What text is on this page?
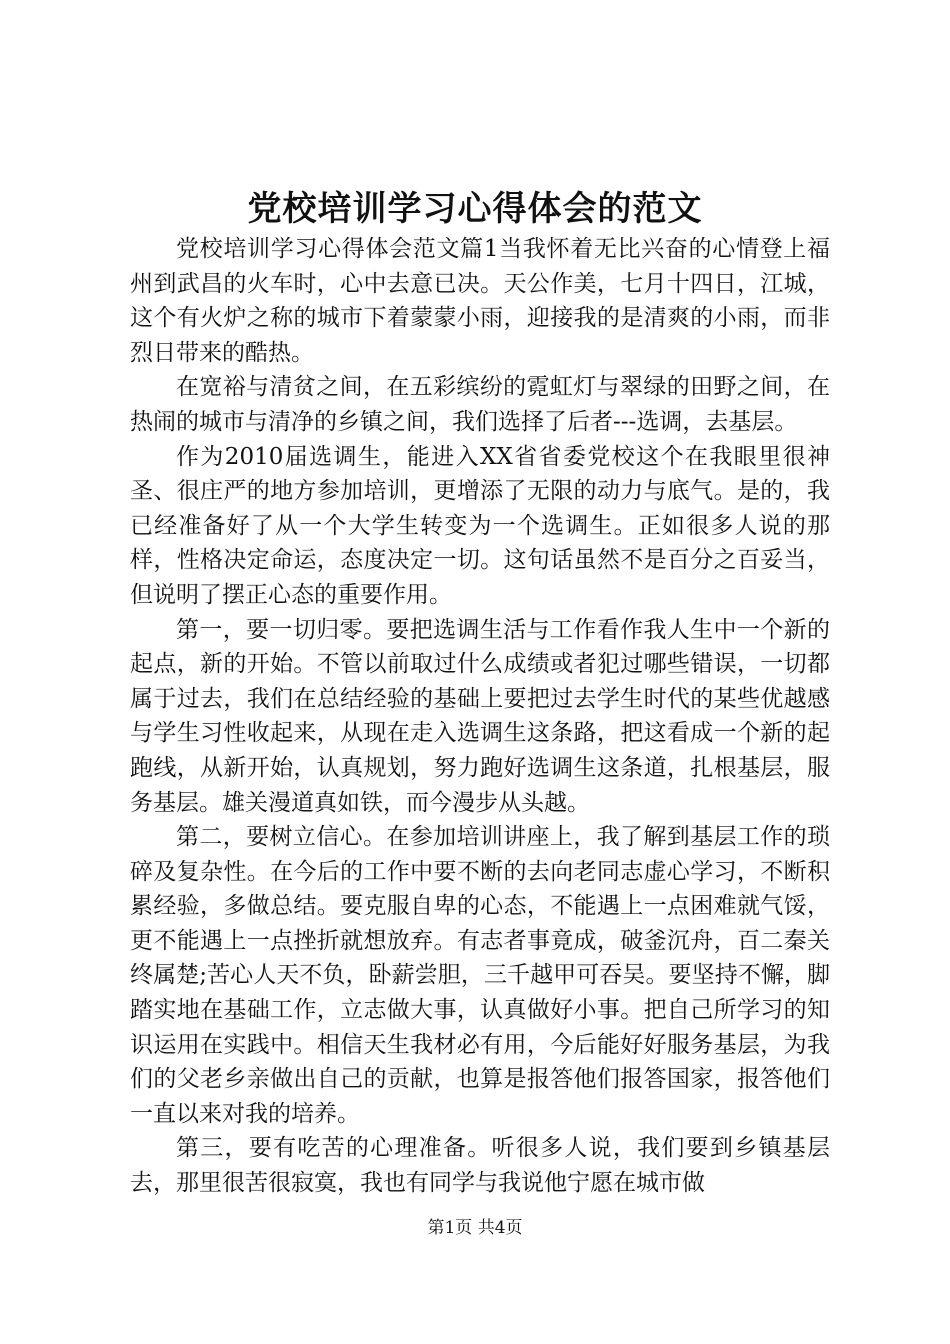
党校培训学习心得体会的范文

党校培训学习心得体会范文篇1当我怀着无比兴奋的心情登上福州到武昌的火车时，心中去意已决。天公作美，七月十四日，江城，这个有火炉之称的城市下着蒙蒙小雨，迎接我的是清爽的小雨，而非烈日带来的酷热。

在宽裕与清贫之间，在五彩缤纷的霓虹灯与翠绿的田野之间，在热闹的城市与清净的乡镇之间，我们选择了后者---选调，去基层。

作为2010届选调生，能进入XX省省委党校这个在我眼里很神圣、很庄严的地方参加培训，更增添了无限的动力与底气。是的，我已经准备好了从一个大学生转变为一个选调生。正如很多人说的那样，性格决定命运，态度决定一切。这句话虽然不是百分之百妥当，但说明了摆正心态的重要作用。

第一，要一切归零。要把选调生活与工作看作我人生中一个新的起点，新的开始。不管以前取过什么成绩或者犯过哪些错误，一切都属于过去，我们在总结经验的基础上要把过去学生时代的某些优越感与学生习性收起来，从现在走入选调生这条路，把这看成一个新的起跑线，从新开始，认真规划，努力跑好选调生这条道，扎根基层，服务基层。雄关漫道真如铁，而今漫步从头越。

第二，要树立信心。在参加培训讲座上，我了解到基层工作的琐碎及复杂性。在今后的工作中要不断的去向老同志虚心学习，不断积累经验，多做总结。要克服自卑的心态，不能遇上一点困难就气馁，更不能遇上一点挫折就想放弃。有志者事竟成，破釜沉舟，百二秦关终属楚;苦心人天不负，卧薪尝胆，三千越甲可吞吴。要坚持不懈，脚踏实地在基础工作，立志做大事，认真做好小事。把自己所学习的知识运用在实践中。相信天生我材必有用，今后能好好服务基层，为我们的父老乡亲做出自己的贡献，也算是报答他们报答国家，报答他们一直以来对我的培养。

第三，要有吃苦的心理准备。听很多人说，我们要到乡镇基层去，那里很苦很寂寞，我也有同学与我说他宁愿在城市做

第1页 共4页
